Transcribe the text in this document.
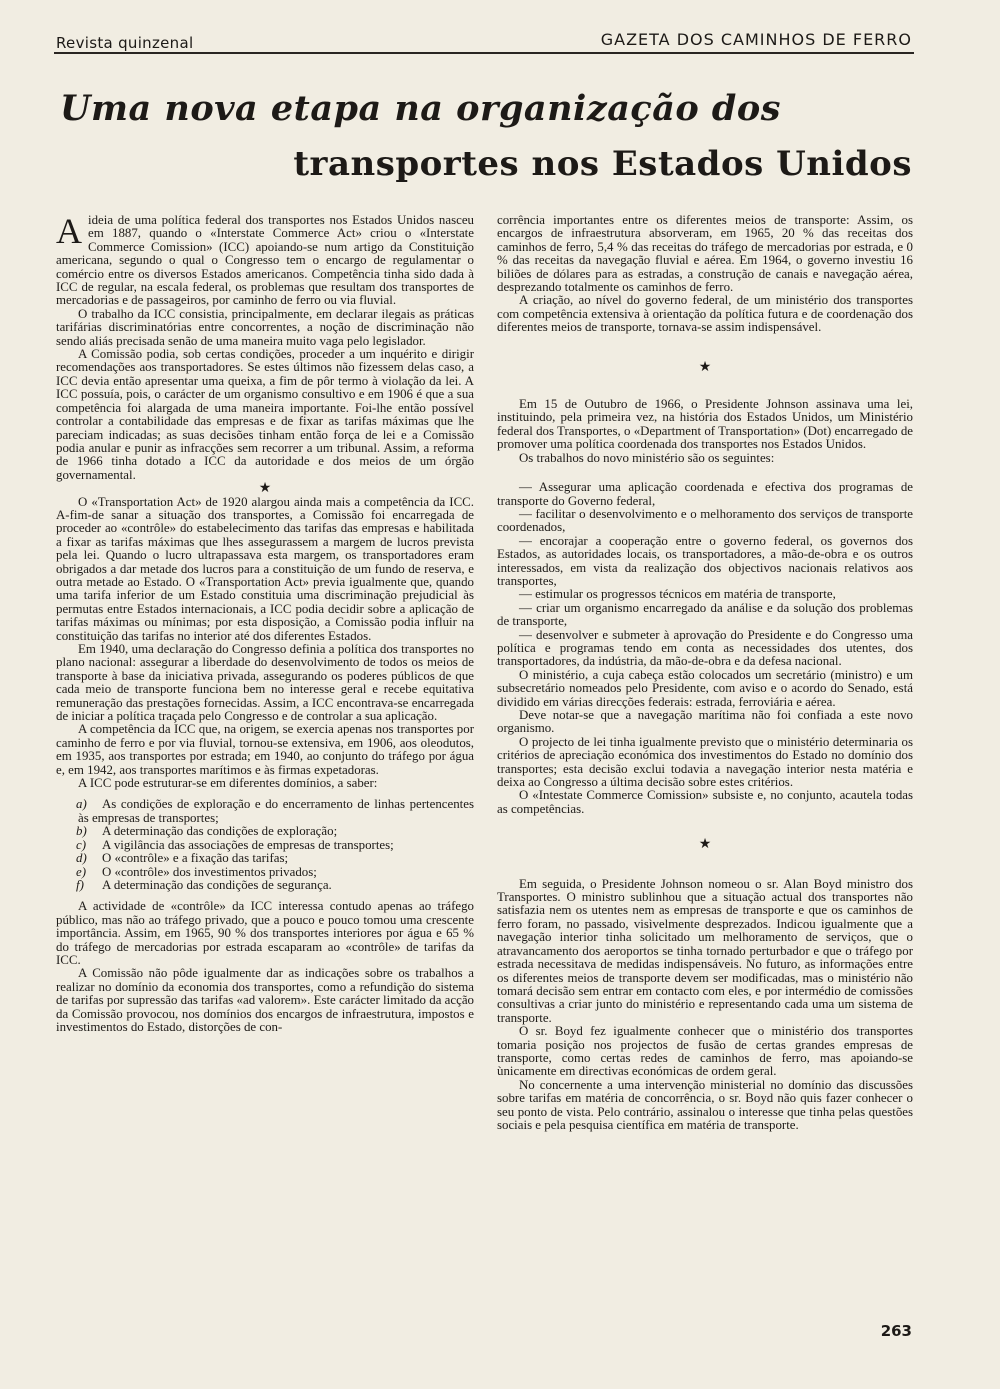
Revista quinzenal	GAZETA DOS CAMINHOS DE FERRO
Uma nova etapa na organização dos
transportes nos Estados Unidos

Aideia de uma política federal dos transportes nos Estados Unidos nasceu em 1887, quando o «Interstate Commerce Act» criou o «Interstate Commerce Comission» (ICC) apoiando-se num artigo da Constituição americana, segundo o qual o Congresso tem o encargo de regulamentar o comércio entre os diversos Estados americanos. Competência tinha sido dada à ICC de regular, na escala federal, os problemas que resultam dos transportes de mercadorias e de passageiros, por caminho de ferro ou via fluvial.

O trabalho da ICC consistia, principalmente, em declarar ilegais as práticas tarifárias discriminatórias entre concorrentes, a noção de discriminação não sendo aliás precisada senão de uma maneira muito vaga pelo legislador.

A Comissão podia, sob certas condições, proceder a um inquérito e dirigir recomendações aos transportadores. Se estes últimos não fizessem delas caso, a ICC devia então apresentar uma queixa, a fim de pôr termo à violação da lei. A ICC possuía, pois, o carácter de um organismo consultivo e em 1906 é que a sua competência foi alargada de uma maneira importante. Foi-lhe então possível controlar a contabilidade das empresas e de fixar as tarifas máximas que lhe pareciam indicadas; as suas decisões tinham então força de lei e a Comissão podia anular e punir as infracções sem recorrer a um tribunal. Assim, a reforma de 1966 tinha dotado a ICC da autoridade e dos meios de um órgão governamental.

★

O «Transportation Act» de 1920 alargou ainda mais a competência da ICC. A-fim-de sanar a situação dos transportes, a Comissão foi encarregada de proceder ao «contrôle» do estabelecimento das tarifas das empresas e habilitada a fixar as tarifas máximas que lhes assegurassem a margem de lucros prevista pela lei. Quando o lucro ultrapassava esta margem, os transportadores eram obrigados a dar metade dos lucros para a constituição de um fundo de reserva, e outra metade ao Estado. O «Transportation Act» previa igualmente que, quando uma tarifa inferior de um Estado constituia uma discriminação prejudicial às permutas entre Estados internacionais, a ICC podia decidir sobre a aplicação de tarifas máximas ou mínimas; por esta disposição, a Comissão podia influir na constituição das tarifas no interior até dos diferentes Estados.

Em 1940, uma declaração do Congresso definia a política dos transportes no plano nacional: assegurar a liberdade do desenvolvimento de todos os meios de transporte à base da iniciativa privada, assegurando os poderes públicos de que cada meio de transporte funciona bem no interesse geral e recebe equitativa remuneração das prestações fornecidas. Assim, a ICC encontrava-se encarregada de iniciar a política traçada pelo Congresso e de controlar a sua aplicação.

A competência da ICC que, na origem, se exercia apenas nos transportes por caminho de ferro e por via fluvial, tornou-se extensiva, em 1906, aos oleodutos, em 1935, aos transportes por estrada; em 1940, ao conjunto do tráfego por água e, em 1942, aos transportes marítimos e às firmas expetadoras.

A ICC pode estruturar-se em diferentes domínios, a saber:

a) As condições de exploração e do encerramento de linhas pertencentes às empresas de transportes;

b) A determinação das condições de exploração;

c) A vigilância das associações de empresas de transportes;

d) O «contrôle» e a fixação das tarifas;

e) O «contrôle» dos investimentos privados;

f) A determinação das condições de segurança.

A actividade de «contrôle» da ICC interessa contudo apenas ao tráfego público, mas não ao tráfego privado, que a pouco e pouco tomou uma crescente importância. Assim, em 1965, 90 % dos transportes interiores por água e 65 % do tráfego de mercadorias por estrada escaparam ao «contrôle» de tarifas da ICC.

A Comissão não pôde igualmente dar as indicações sobre os trabalhos a realizar no domínio da economia dos transportes, como a refundição do sistema de tarifas por supressão das tarifas «ad valorem». Este carácter limitado da acção da Comissão provocou, nos domínios dos encargos de infraestrutura, impostos e investimentos do Estado, distorções de con-

corrência importantes entre os diferentes meios de transporte: Assim, os encargos de infraestrutura absorveram, em 1965, 20 % das receitas dos caminhos de ferro, 5,4 % das receitas do tráfego de mercadorias por estrada, e 0 % das receitas da navegação fluvial e aérea. Em 1964, o governo investiu 16 biliões de dólares para as estradas, a construção de canais e navegação aérea, desprezando totalmente os caminhos de ferro.

A criação, ao nível do governo federal, de um ministério dos transportes com competência extensiva à orientação da política futura e de coordenação dos diferentes meios de transporte, tornava-se assim indispensável.

★

Em 15 de Outubro de 1966, o Presidente Johnson assinava uma lei, instituindo, pela primeira vez, na história dos Estados Unidos, um Ministério federal dos Transportes, o «Department of Transportation» (Dot) encarregado de promover uma política coordenada dos transportes nos Estados Unidos.

Os trabalhos do novo ministério são os seguintes:

— Assegurar uma aplicação coordenada e efectiva dos programas de transporte do Governo federal,

— facilitar o desenvolvimento e o melhoramento dos serviços de transporte coordenados,

— encorajar a cooperação entre o governo federal, os governos dos Estados, as autoridades locais, os transportadores, a mão-de-obra e os outros interessados, em vista da realização dos objectivos nacionais relativos aos transportes,

— estimular os progressos técnicos em matéria de transporte,

— criar um organismo encarregado da análise e da solução dos problemas de transporte,

— desenvolver e submeter à aprovação do Presidente e do Congresso uma política e programas tendo em conta as necessidades dos utentes, dos transportadores, da indústria, da mão-de-obra e da defesa nacional.

O ministério, a cuja cabeça estão colocados um secretário (ministro) e um subsecretário nomeados pelo Presidente, com aviso e o acordo do Senado, está dividido em várias direcções federais: estrada, ferroviária e aérea.

Deve notar-se que a navegação marítima não foi confiada a este novo organismo.

O projecto de lei tinha igualmente previsto que o ministério determinaria os critérios de apreciação económica dos investimentos do Estado no domínio dos transportes; esta decisão exclui todavia a navegação interior nesta matéria e deixa ao Congresso a última decisão sobre estes critérios.

O «Intestate Commerce Comission» subsiste e, no conjunto, acautela todas as competências.

★

Em seguida, o Presidente Johnson nomeou o sr. Alan Boyd ministro dos Transportes. O ministro sublinhou que a situação actual dos transportes não satisfazia nem os utentes nem as empresas de transporte e que os caminhos de ferro foram, no passado, visìvelmente desprezados. Indicou igualmente que a navegação interior tinha solicitado um melhoramento de serviços, que o atravancamento dos aeroportos se tinha tornado perturbador e que o tráfego por estrada necessitava de medidas indispensáveis. No futuro, as informações entre os diferentes meios de transporte devem ser modificadas, mas o ministério não tomará decisão sem entrar em contacto com eles, e por intermédio de comissões consultivas a criar junto do ministério e representando cada uma um sistema de transporte.

O sr. Boyd fez igualmente conhecer que o ministério dos transportes tomaria posição nos projectos de fusão de certas grandes empresas de transporte, como certas redes de caminhos de ferro, mas apoiando-se ùnicamente em directivas económicas de ordem geral.

No concernente a uma intervenção ministerial no domínio das discussões sobre tarifas em matéria de concorrência, o sr. Boyd não quis fazer conhecer o seu ponto de vista. Pelo contrário, assinalou o interesse que tinha pelas questões sociais e pela pesquisa científica em matéria de transporte.

263
